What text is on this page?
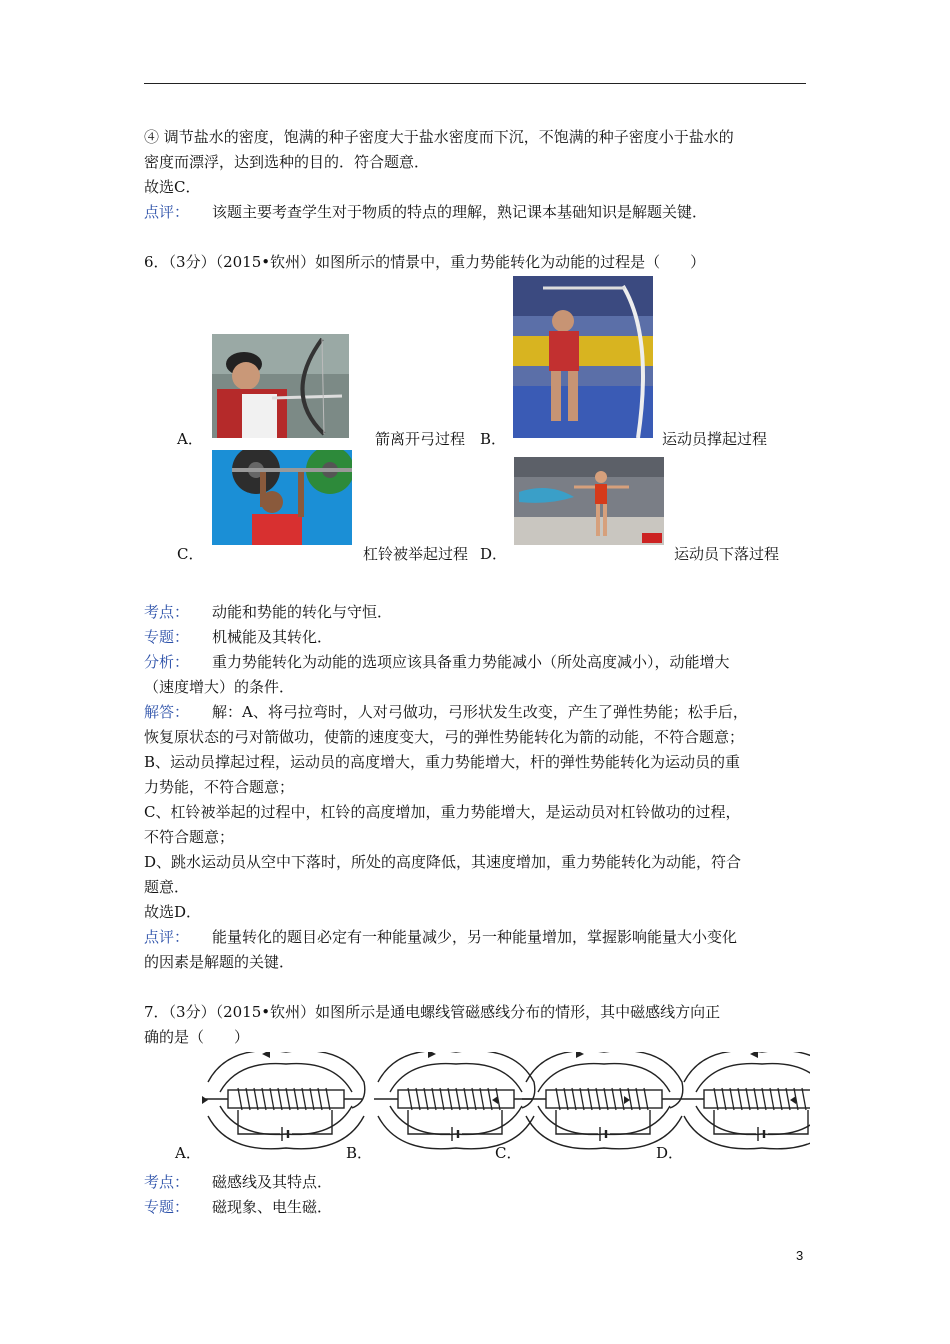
④ 调节盐水的密度，饱满的种子密度大于盐水密度而下沉，不饱满的种子密度小于盐水的
密度而漂浮，达到选种的目的．符合题意．
故选C．
点评： 该题主要考查学生对于物质的特点的理解，熟记课本基础知识是解题关键．
6．（3分）（2015•钦州）如图所示的情景中，重力势能转化为动能的过程是（　　）
A．	箭离开弓过程 B．	运动员撑起过程
C．	杠铃被举起过程 D．	运动员下落过程
考点： 动能和势能的转化与守恒．
专题： 机械能及其转化．
分析： 重力势能转化为动能的选项应该具备重力势能减小（所处高度减小），动能增大
（速度增大）的条件．
解答： 解：A、将弓拉弯时，人对弓做功，弓形状发生改变，产生了弹性势能；松手后，
恢复原状态的弓对箭做功，使箭的速度变大，弓的弹性势能转化为箭的动能，不符合题意；
B、运动员撑起过程，运动员的高度增大，重力势能增大，杆的弹性势能转化为运动员的重
力势能，不符合题意；
C、杠铃被举起的过程中，杠铃的高度增加，重力势能增大，是运动员对杠铃做功的过程，
不符合题意；
D、跳水运动员从空中下落时，所处的高度降低，其速度增加，重力势能转化为动能，符合
题意．
故选D．
点评： 能量转化的题目必定有一种能量减少，另一种能量增加，掌握影响能量大小变化
的因素是解题的关键．
7．（3分）（2015•钦州）如图所示是通电螺线管磁感线分布的情形，其中磁感线方向正
确的是（　　）
A．	B．	C．	D．
考点： 磁感线及其特点．
专题： 磁现象、电生磁．
3
